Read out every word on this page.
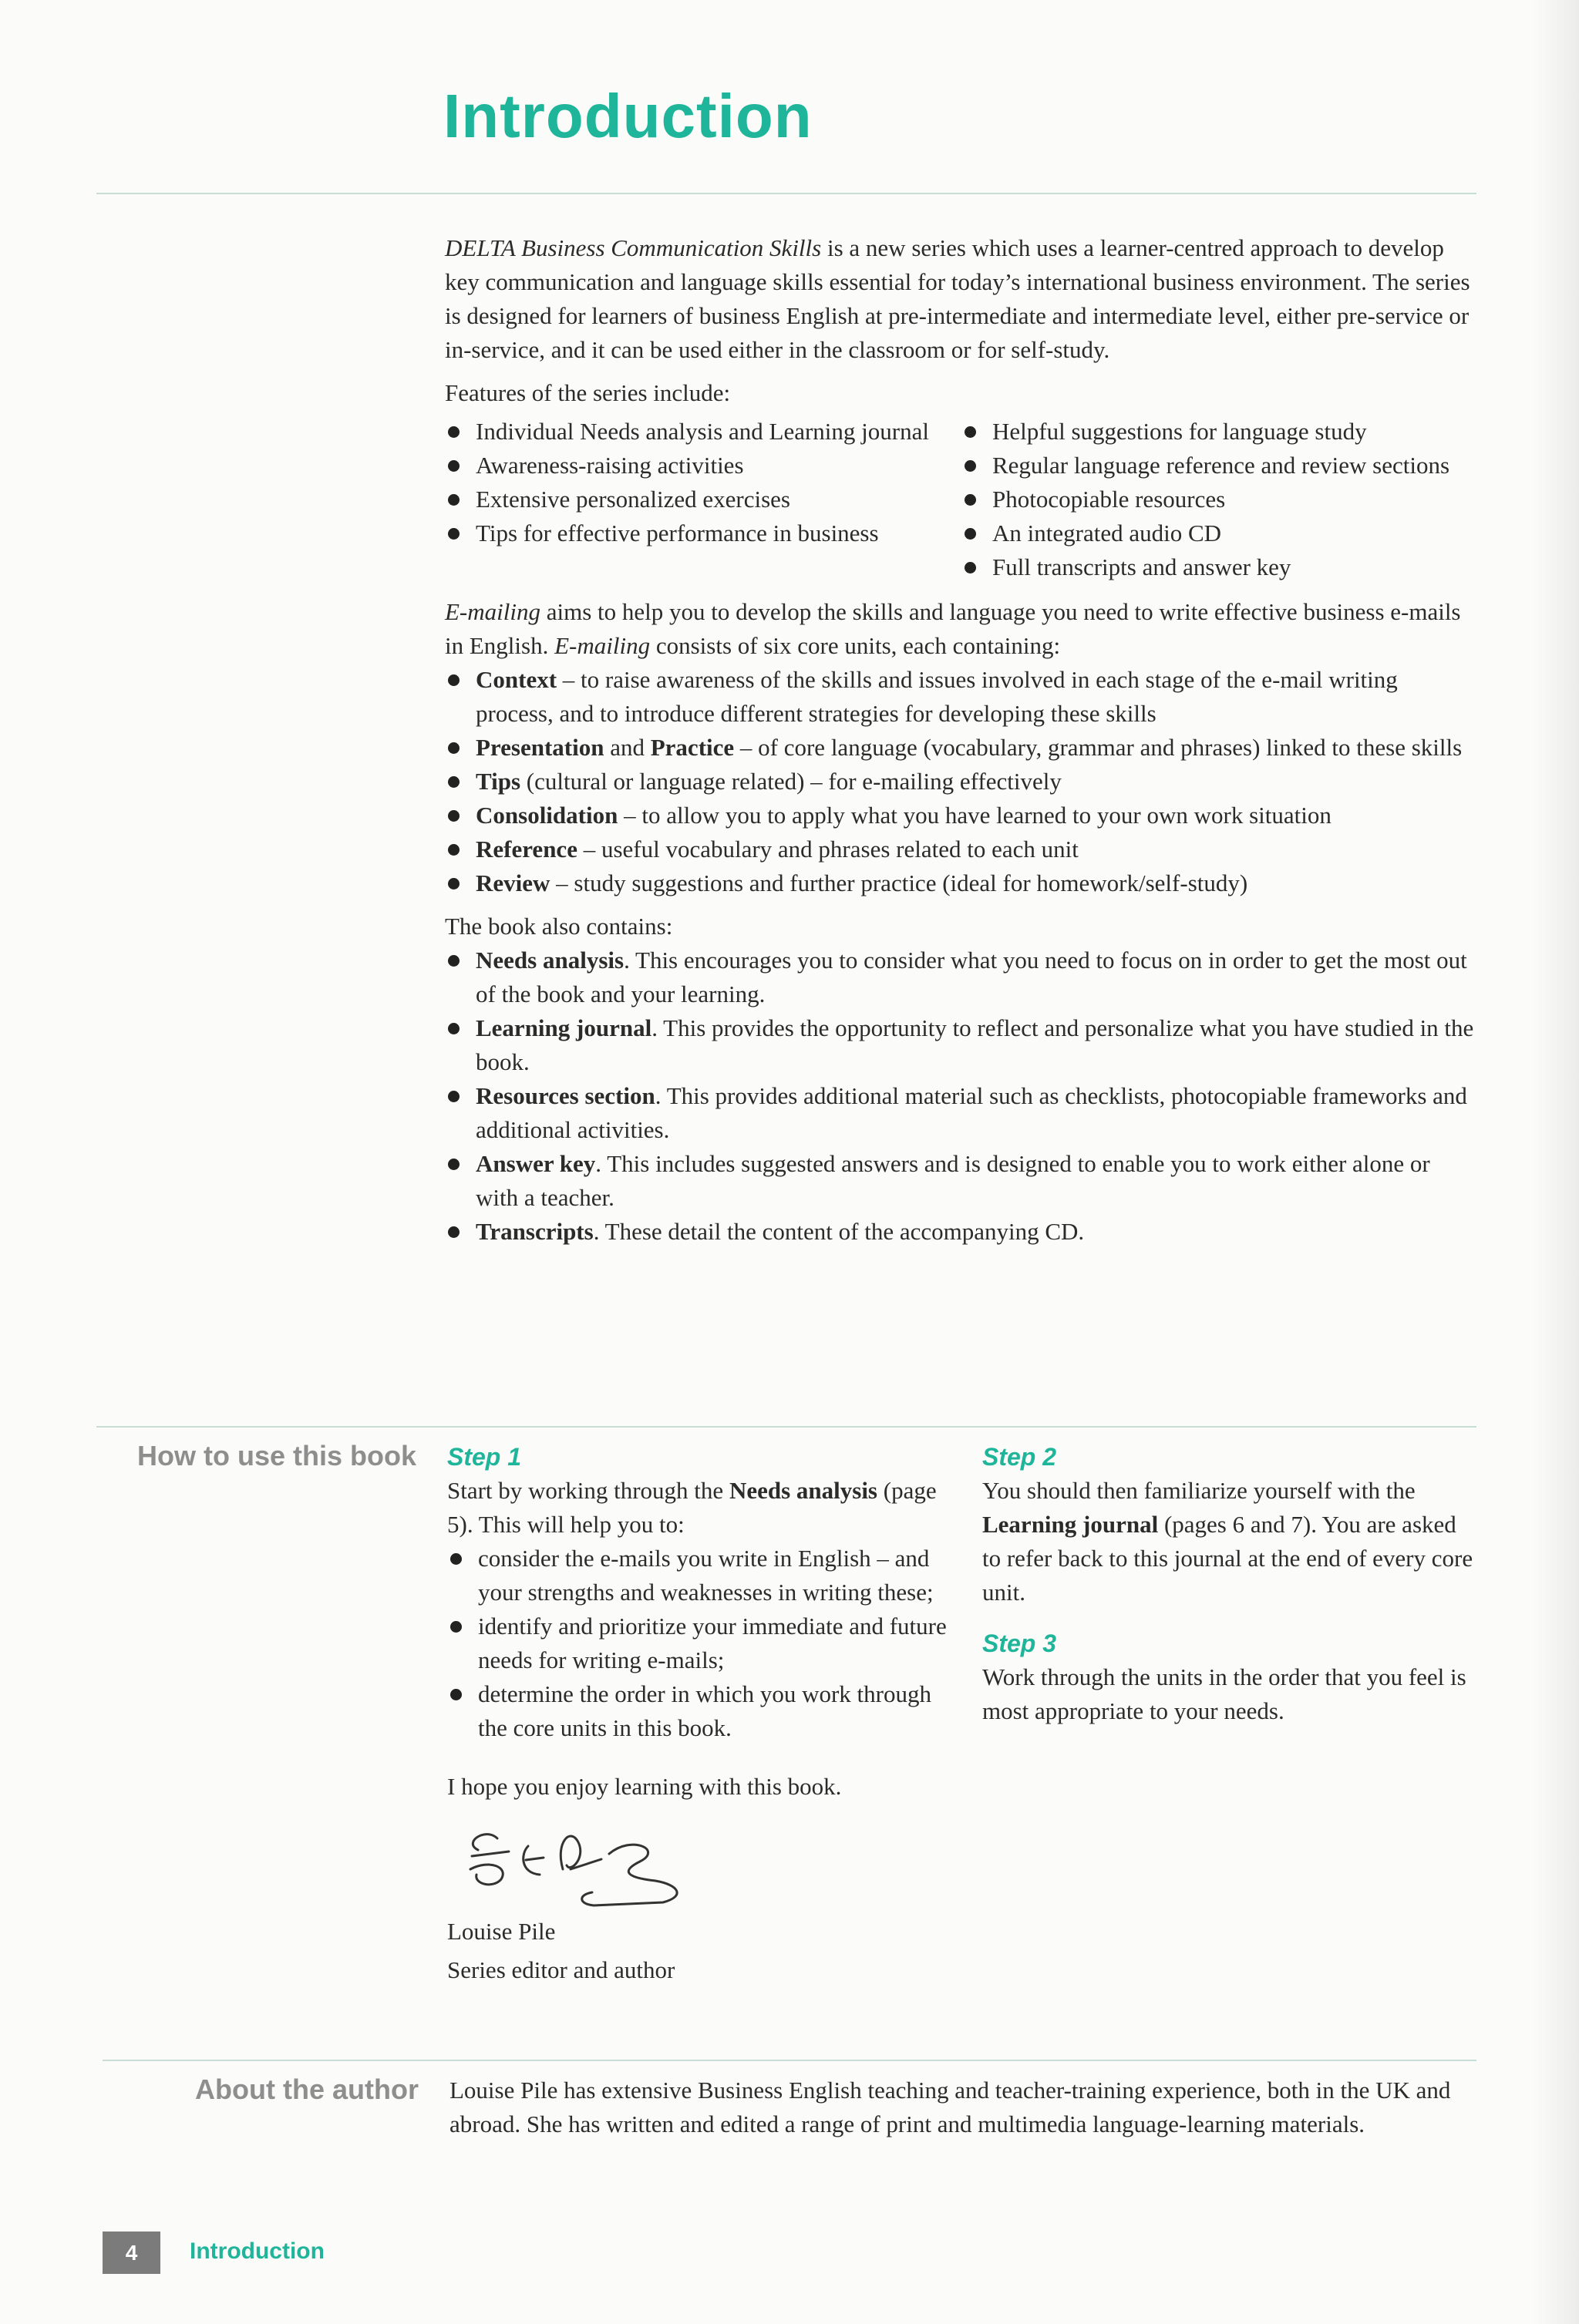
Introduction

DELTA Business Communication Skills is a new series which uses a learner-centred approach to develop key communication and language skills essential for today’s international business environment. The series is designed for learners of business English at pre-intermediate and intermediate level, either pre-service or in-service, and it can be used either in the classroom or for self-study.

Features of the series include:

Individual Needs analysis and Learning journal
Awareness-raising activities
Extensive personalized exercises
Tips for effective performance in business
Helpful suggestions for language study
Regular language reference and review sections
Photocopiable resources
An integrated audio CD
Full transcripts and answer key

E-mailing aims to help you to develop the skills and language you need to write effective business e-mails in English. E-mailing consists of six core units, each containing:

Context – to raise awareness of the skills and issues involved in each stage of the e-mail writing process, and to introduce different strategies for developing these skills
Presentation and Practice – of core language (vocabulary, grammar and phrases) linked to these skills
Tips (cultural or language related) – for e-mailing effectively
Consolidation – to allow you to apply what you have learned to your own work situation
Reference – useful vocabulary and phrases related to each unit
Review – study suggestions and further practice (ideal for homework/self-study)

The book also contains:

Needs analysis. This encourages you to consider what you need to focus on in order to get the most out of the book and your learning.
Learning journal. This provides the opportunity to reflect and personalize what you have studied in the book.
Resources section. This provides additional material such as checklists, photocopiable frameworks and additional activities.
Answer key. This includes suggested answers and is designed to enable you to work either alone or with a teacher.
Transcripts. These detail the content of the accompanying CD.
How to use this book Step 1

Start by working through the Needs analysis (page 5). This will help you to:

consider the e-mails you write in English – and your strengths and weaknesses in writing these;
identify and prioritize your immediate and future needs for writing e-mails;
determine the order in which you work through the core units in this book.

I hope you enjoy learning with this book.

Louise Pile

Series editor and author

Step 2

You should then familiarize yourself with the Learning journal (pages 6 and 7). You are asked to refer back to this journal at the end of every core unit.

Step 3

Work through the units in the order that you feel is most appropriate to your needs.

About the author Louise Pile has extensive Business English teaching and teacher-training experience, both in the UK and abroad. She has written and edited a range of print and multimedia language-learning materials.

4	Introduction
